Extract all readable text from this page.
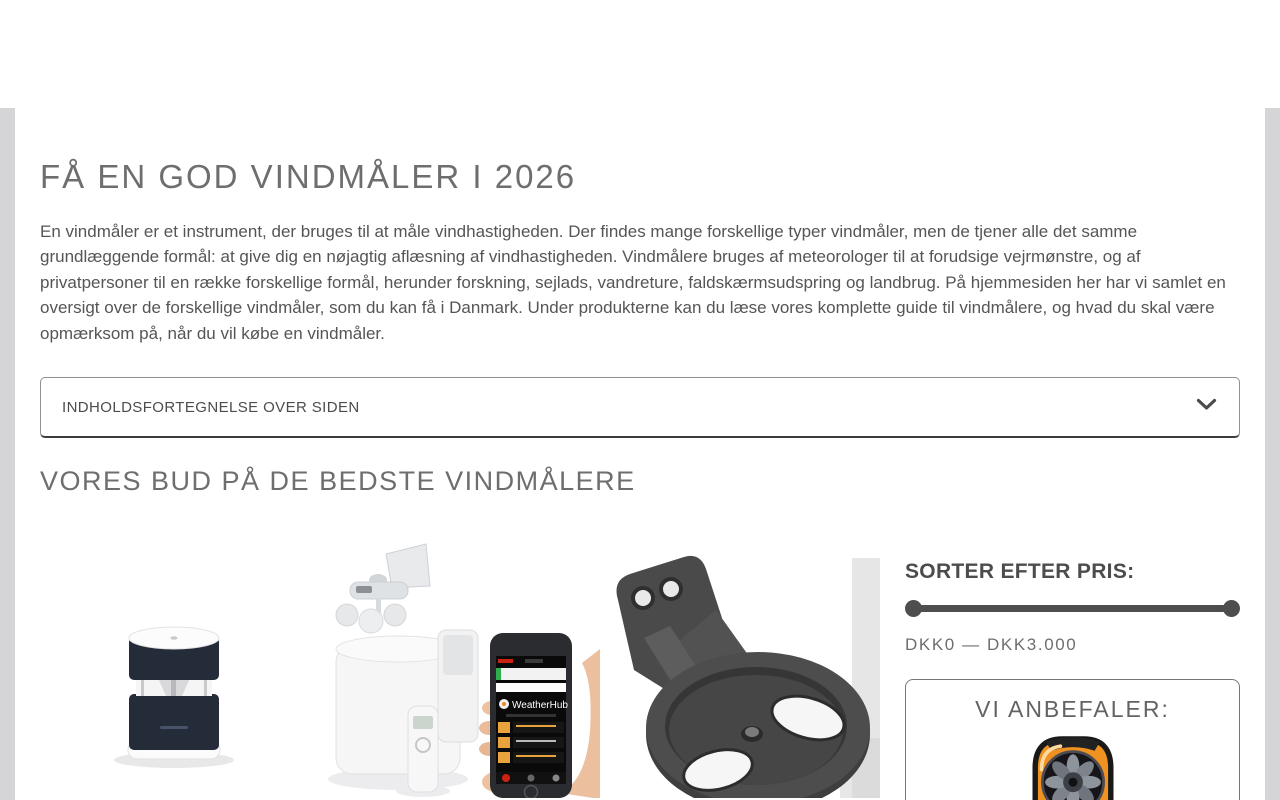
FÅ EN GOD VINDMÅLER I 2026

En vindmåler er et instrument, der bruges til at måle vindhastigheden. Der findes mange forskellige typer vindmåler, men de tjener alle det samme grundlæggende formål: at give dig en nøjagtig aflæsning af vindhastigheden. Vindmålere bruges af meteorologer til at forudsige vejrmønstre, og af privatpersoner til en række forskellige formål, herunder forskning, sejlads, vandreture, faldskærmsudspring og landbrug. På hjemmesiden her har vi samlet en oversigt over de forskellige vindmåler, som du kan få i Danmark. Under produkterne kan du læse vores komplette guide til vindmålere, og hvad du skal være opmærksom på, når du vil købe en vindmåler.

INDHOLDSFORTEGNELSE OVER SIDEN
VORES BUD PÅ DE BEDSTE VINDMÅLERE
WeatherHub
SORTER EFTER PRIS:
DKK0 — DKK3.000
VI ANBEFALER:
